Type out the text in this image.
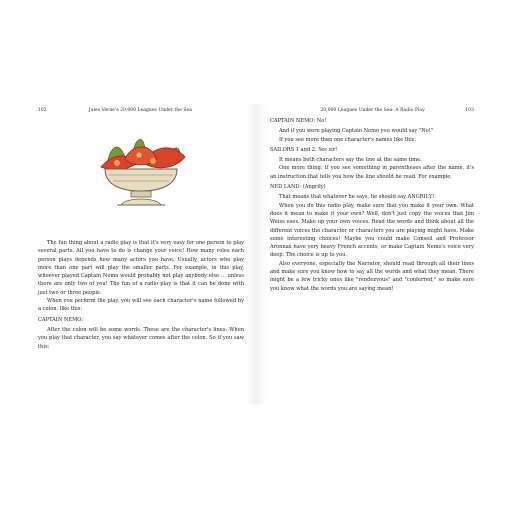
102	Jules Verne's 20,000 Leagues Under the Sea

The fun thing about a radio play is that it's very easy for one person to play several parts. All you have to do is change your voice! How many roles each person plays depends how many actors you have. Usually, actors who play more than one part will play the smaller parts. For example, in this play, whoever played Captain Nemo would probably not play anybody else ... unless there are only two of you! The fun of a radio play is that it can be done with just two or three people.

When you perform the play, you will see each character's name followed by a colon, like this:

CAPTAIN NEMO:

After the colon will be some words. These are the character's lines. When you play that character, you say whatever comes after the colon. So if you saw this:

20,000 Leagues Under the Sea: A Radio Play	103

CAPTAIN NEMO: No!

And if you were playing Captain Nemo you would say "No!"

If you see more than one character's names like this:

SAILORS 1 and 2: Yes sir!

It means both characters say the line at the same time.

One more thing: If you see something in parentheses after the name, it's an instruction that tells you how the line should be read. For example,

NED LAND: (Angrily)

That means that whatever he says, he should say ANGRILY!

When you do this radio play, make sure that you make it your own. What does it mean to make it your own? Well, don't just copy the voices that Jim Weiss uses. Make up your own voices. Read the words and think about all the different voices the character or characters you are playing might have. Make some interesting choices! Maybe you could make Conseil and Professor Aronnax have very heavy French accents, or make Captain Nemo's voice very deep. The choice is up to you.

Also everyone, especially the Narrator, should read through all their lines and make sure you know how to say all the words and what they mean. There might be a few tricky ones like "rendezvous" and "conferred," so make sure you know what the words you are saying mean!
